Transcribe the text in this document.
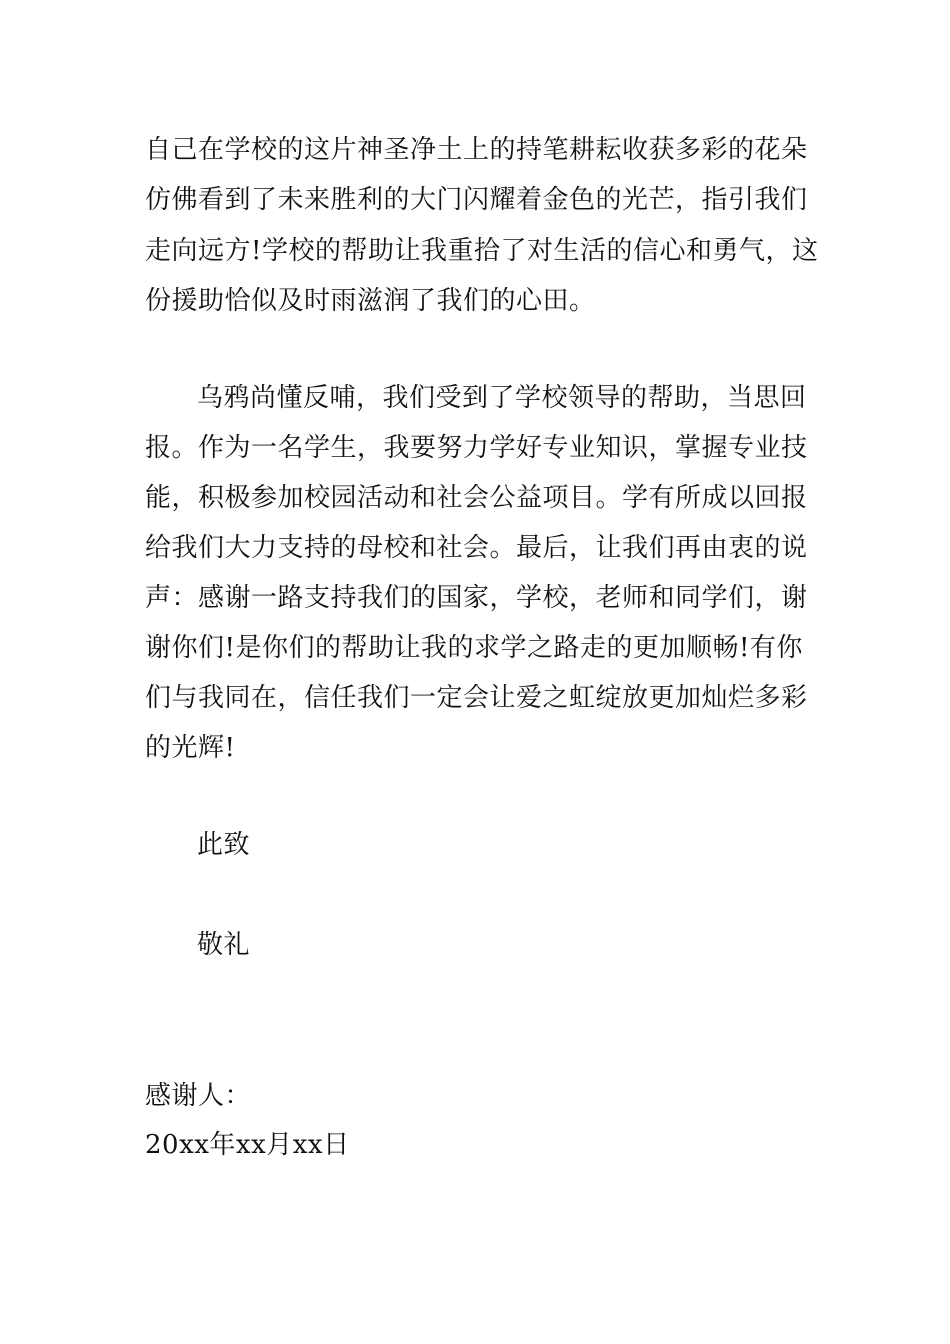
自己在学校的这片神圣净土上的持笔耕耘收获多彩的花朵
仿佛看到了未来胜利的大门闪耀着金色的光芒，指引我们
走向远方!学校的帮助让我重拾了对生活的信心和勇气，这
份援助恰似及时雨滋润了我们的心田。
乌鸦尚懂反哺，我们受到了学校领导的帮助，当思回
报。作为一名学生，我要努力学好专业知识，掌握专业技
能，积极参加校园活动和社会公益项目。学有所成以回报
给我们大力支持的母校和社会。最后，让我们再由衷的说
声：感谢一路支持我们的国家，学校，老师和同学们，谢
谢你们!是你们的帮助让我的求学之路走的更加顺畅!有你
们与我同在，信任我们一定会让爱之虹绽放更加灿烂多彩
的光辉!
此致
敬礼
感谢人：
20xx年xx月xx日
